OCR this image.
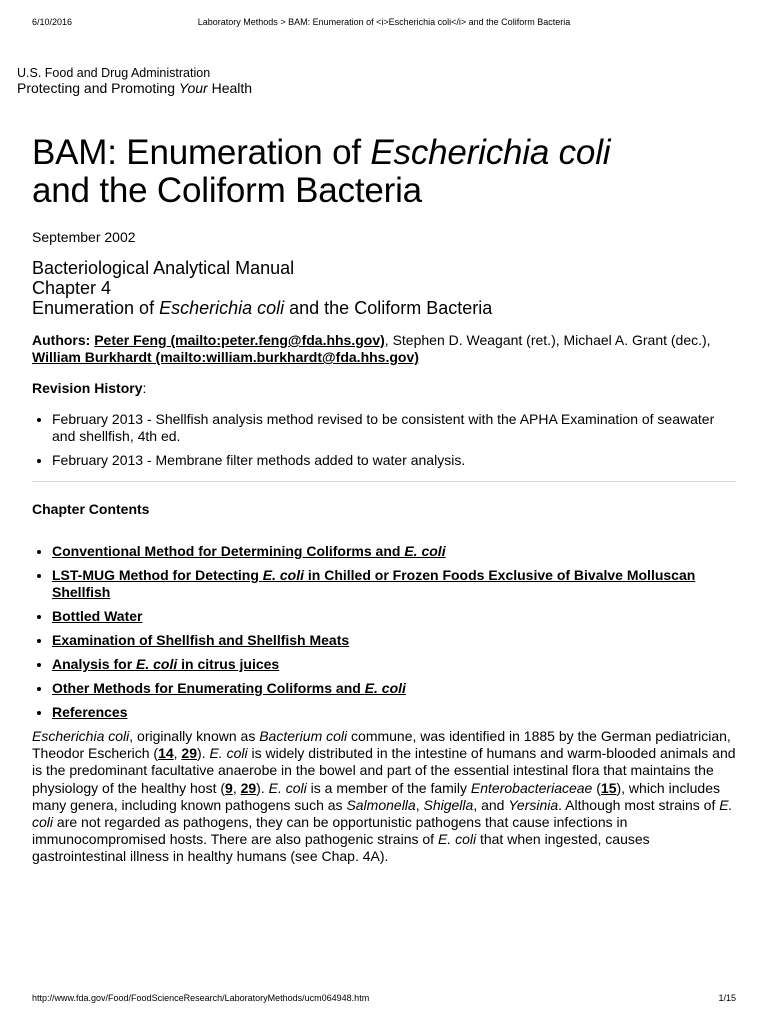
6/10/2016	Laboratory Methods > BAM: Enumeration of <i>Escherichia coli</i> and the Coliform Bacteria
U.S. Food and Drug Administration
Protecting and Promoting Your Health
BAM: Enumeration of Escherichia coli
and the Coliform Bacteria

September 2002

Bacteriological Analytical Manual
Chapter 4
Enumeration of Escherichia coli and the Coliform Bacteria

Authors: Peter Feng (mailto:peter.feng@fda.hhs.gov), Stephen D. Weagant (ret.), Michael A. Grant (dec.), William Burkhardt (mailto:william.burkhardt@fda.hhs.gov)

Revision History:

• February 2013 - Shellfish analysis method revised to be consistent with the APHA Examination of seawater and shellfish, 4th ed.
• February 2013 - Membrane filter methods added to water analysis.

Chapter Contents

• Conventional Method for Determining Coliforms and E. coli
• LST-MUG Method for Detecting E. coli in Chilled or Frozen Foods Exclusive of Bivalve Molluscan Shellfish
• Bottled Water
• Examination of Shellfish and Shellfish Meats
• Analysis for E. coli in citrus juices
• Other Methods for Enumerating Coliforms and E. coli
• References

Escherichia coli, originally known as Bacterium coli commune, was identified in 1885 by the German pediatrician, Theodor Escherich (14, 29). E. coli is widely distributed in the intestine of humans and warm-blooded animals and is the predominant facultative anaerobe in the bowel and part of the essential intestinal flora that maintains the physiology of the healthy host (9, 29). E. coli is a member of the family Enterobacteriaceae (15), which includes many genera, including known pathogens such as Salmonella, Shigella, and Yersinia. Although most strains of E. coli are not regarded as pathogens, they can be opportunistic pathogens that cause infections in immunocompromised hosts. There are also pathogenic strains of E. coli that when ingested, causes gastrointestinal illness in healthy humans (see Chap. 4A).

http://www.fda.gov/Food/FoodScienceResearch/LaboratoryMethods/ucm064948.htm	1/15
